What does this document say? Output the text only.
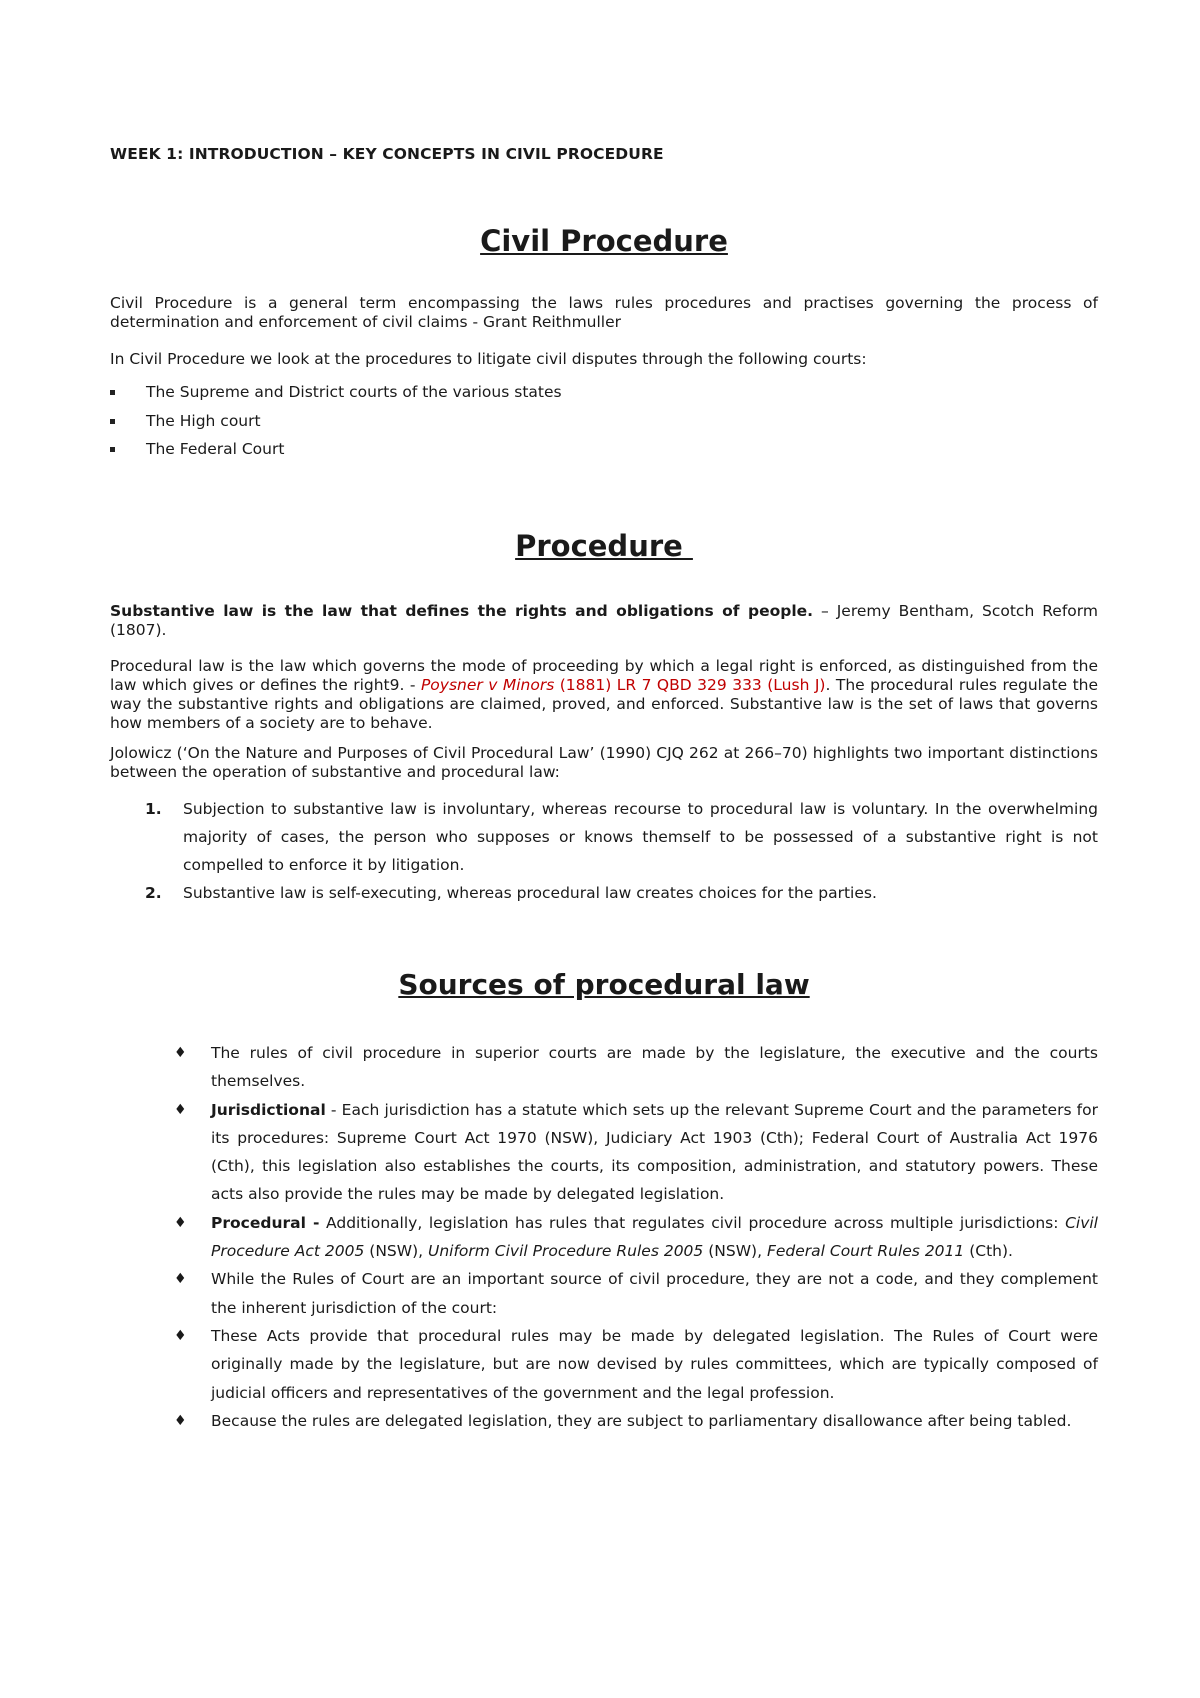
WEEK 1: INTRODUCTION – KEY CONCEPTS IN CIVIL PROCEDURE

Civil Procedure

Civil Procedure is a general term encompassing the laws rules procedures and practises governing the process of determination and enforcement of civil claims - Grant Reithmuller

In Civil Procedure we look at the procedures to litigate civil disputes through the following courts:

The Supreme and District courts of the various states
The High court
The Federal Court

Procedure

Substantive law is the law that defines the rights and obligations of people. – Jeremy Bentham, Scotch Reform (1807).

Procedural law is the law which governs the mode of proceeding by which a legal right is enforced, as distinguished from the law which gives or defines the right9. - Poysner v Minors (1881) LR 7 QBD 329 333 (Lush J). The procedural rules regulate the way the substantive rights and obligations are claimed, proved, and enforced. Substantive law is the set of laws that governs how members of a society are to behave.

Jolowicz (‘On the Nature and Purposes of Civil Procedural Law’ (1990) CJQ 262 at 266–70) highlights two important distinctions between the operation of substantive and procedural law:

1. Subjection to substantive law is involuntary, whereas recourse to procedural law is voluntary. In the overwhelming majority of cases, the person who supposes or knows themself to be possessed of a substantive right is not compelled to enforce it by litigation.
2. Substantive law is self-executing, whereas procedural law creates choices for the parties.

Sources of procedural law

♦ The rules of civil procedure in superior courts are made by the legislature, the executive and the courts themselves.
♦ Jurisdictional - Each jurisdiction has a statute which sets up the relevant Supreme Court and the parameters for its procedures: Supreme Court Act 1970 (NSW), Judiciary Act 1903 (Cth); Federal Court of Australia Act 1976 (Cth), this legislation also establishes the courts, its composition, administration, and statutory powers. These acts also provide the rules may be made by delegated legislation.
♦ Procedural - Additionally, legislation has rules that regulates civil procedure across multiple jurisdictions: Civil Procedure Act 2005 (NSW), Uniform Civil Procedure Rules 2005 (NSW), Federal Court Rules 2011 (Cth).
♦ While the Rules of Court are an important source of civil procedure, they are not a code, and they complement the inherent jurisdiction of the court:
♦ These Acts provide that procedural rules may be made by delegated legislation. The Rules of Court were originally made by the legislature, but are now devised by rules committees, which are typically composed of judicial officers and representatives of the government and the legal profession.
♦ Because the rules are delegated legislation, they are subject to parliamentary disallowance after being tabled.
